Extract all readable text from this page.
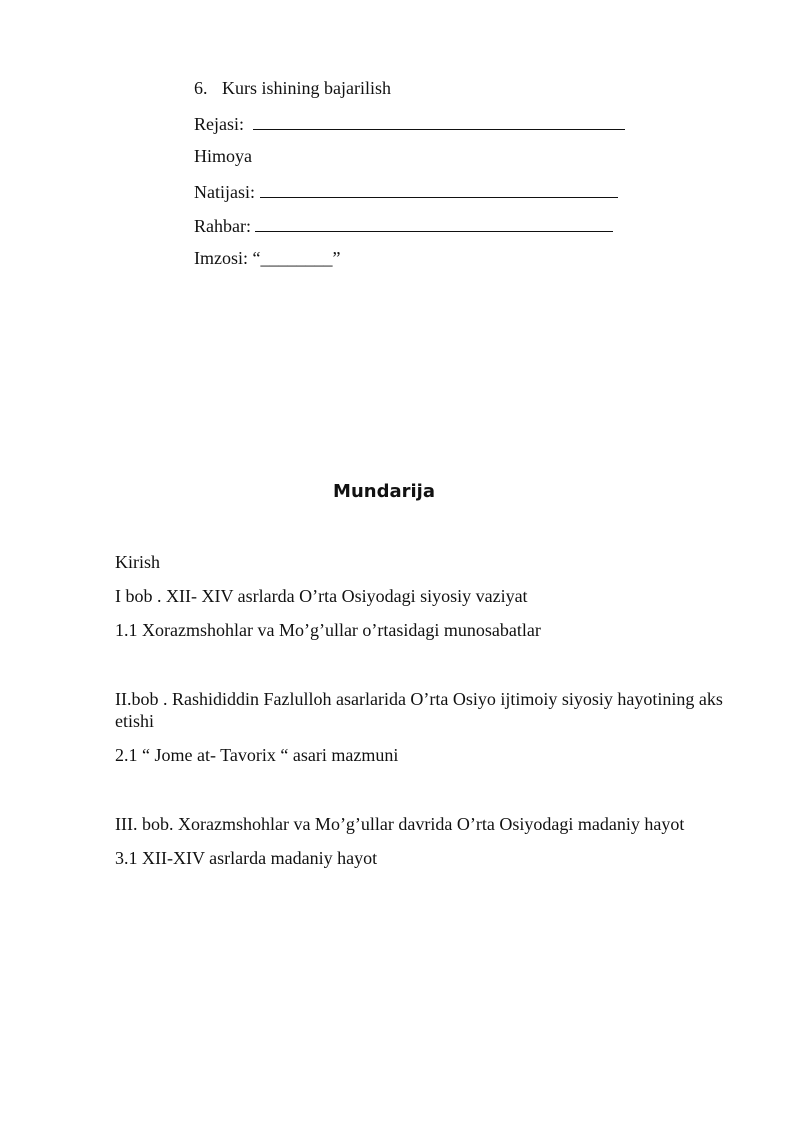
6. Kurs ishining bajarilish
Rejasi:
Himoya
Natijasi:
Rahbar:
Imzosi: “________”
Mundarija
Kirish
I bob . XII- XIV asrlarda O’rta Osiyodagi siyosiy vaziyat
1.1 Xorazmshohlar va Mo’g’ullar o’rtasidagi munosabatlar
II.bob . Rashididdin Fazlulloh asarlarida O’rta Osiyo ijtimoiy siyosiy hayotining aks etishi
2.1 “ Jome at- Tavorix “ asari mazmuni
III. bob. Xorazmshohlar va Mo’g’ullar davrida O’rta Osiyodagi madaniy hayot
3.1 XII-XIV asrlarda madaniy hayot
